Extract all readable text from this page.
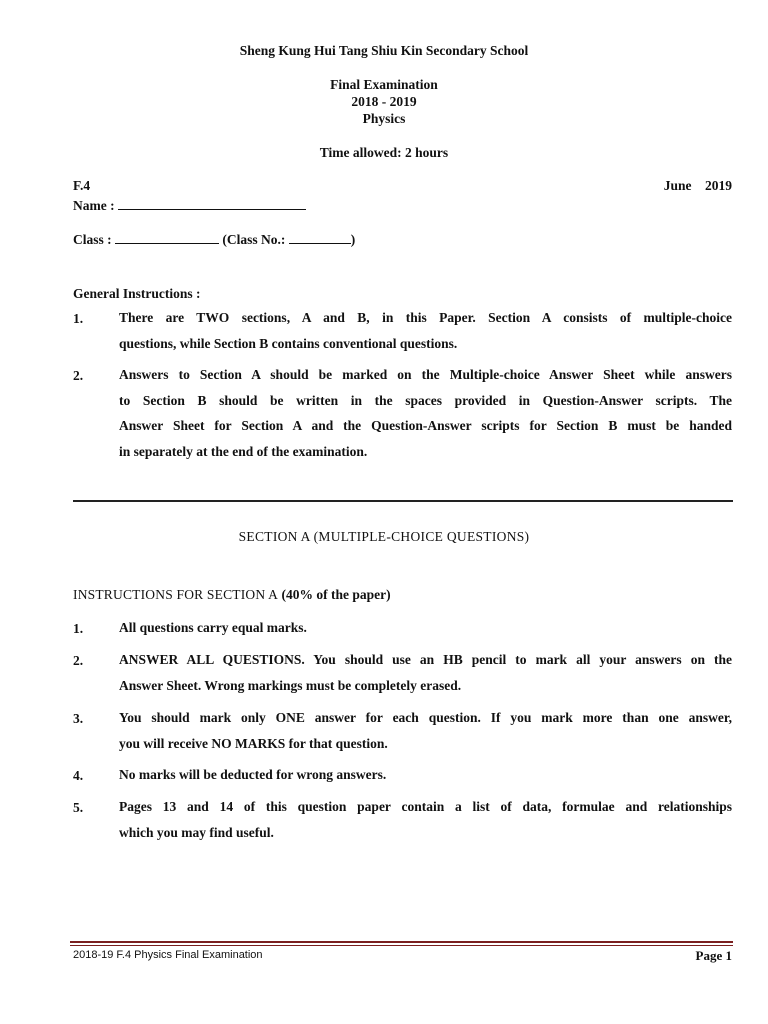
Sheng Kung Hui Tang Shiu Kin Secondary School
Final Examination
2018 - 2019
Physics
Time allowed: 2 hours
F.4	June    2019
Name :
Class :	(Class No.:	)
General Instructions :
1.	There are TWO sections, A and B, in this Paper. Section A consists of multiple-choice
questions, while Section B contains conventional questions.
2.	Answers to Section A should be marked on the Multiple-choice Answer Sheet while answers
to Section B should be written in the spaces provided in Question-Answer scripts. The
Answer Sheet for Section A and the Question-Answer scripts for Section B must be handed
in separately at the end of the examination.
SECTION A (MULTIPLE-CHOICE QUESTIONS)
INSTRUCTIONS FOR SECTION A (40% of the paper)
1.	All questions carry equal marks.
2.	ANSWER ALL QUESTIONS. You should use an HB pencil to mark all your answers on the
Answer Sheet. Wrong markings must be completely erased.
3.	You should mark only ONE answer for each question. If you mark more than one answer,
you will receive NO MARKS for that question.
4.	No marks will be deducted for wrong answers.
5.	Pages 13 and 14 of this question paper contain a list of data, formulae and relationships
which you may find useful.
2018-19 F.4 Physics Final Examination	Page 1
